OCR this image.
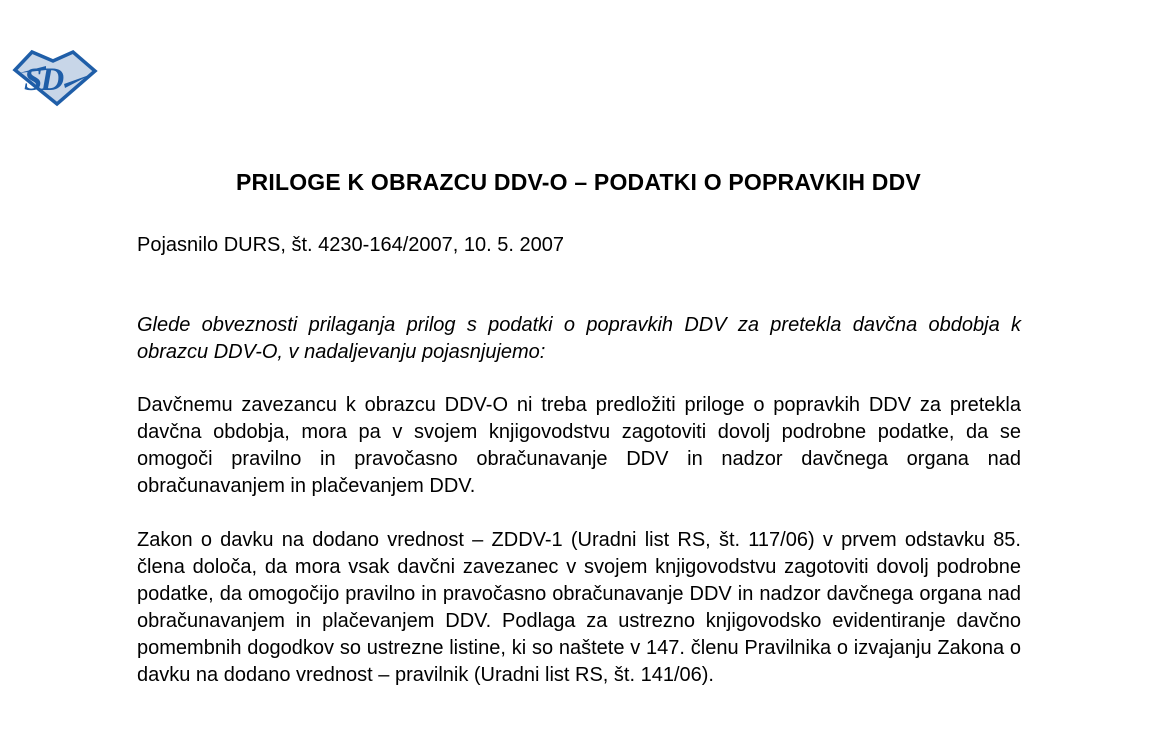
SD
PRILOGE K OBRAZCU DDV-O – PODATKI O POPRAVKIH DDV

Pojasnilo DURS, št. 4230-164/2007, 10. 5. 2007

Glede obveznosti prilaganja prilog s podatki o popravkih DDV za pretekla davčna obdobja k obrazcu DDV-O, v nadaljevanju pojasnjujemo:

Davčnemu zavezancu k obrazcu DDV-O ni treba predložiti priloge o popravkih DDV za pretekla davčna obdobja, mora pa v svojem knjigovodstvu zagotoviti dovolj podrobne podatke, da se omogoči pravilno in pravočasno obračunavanje DDV in nadzor davčnega organa nad obračunavanjem in plačevanjem DDV.

Zakon o davku na dodano vrednost – ZDDV-1 (Uradni list RS, št. 117/06) v prvem odstavku 85. člena določa, da mora vsak davčni zavezanec v svojem knjigovodstvu zagotoviti dovolj podrobne podatke, da omogočijo pravilno in pravočasno obračunavanje DDV in nadzor davčnega organa nad obračunavanjem in plačevanjem DDV. Podlaga za ustrezno knjigovodsko evidentiranje davčno pomembnih dogodkov so ustrezne listine, ki so naštete v 147. členu Pravilnika o izvajanju Zakona o davku na dodano vrednost – pravilnik (Uradni list RS, št. 141/06).
